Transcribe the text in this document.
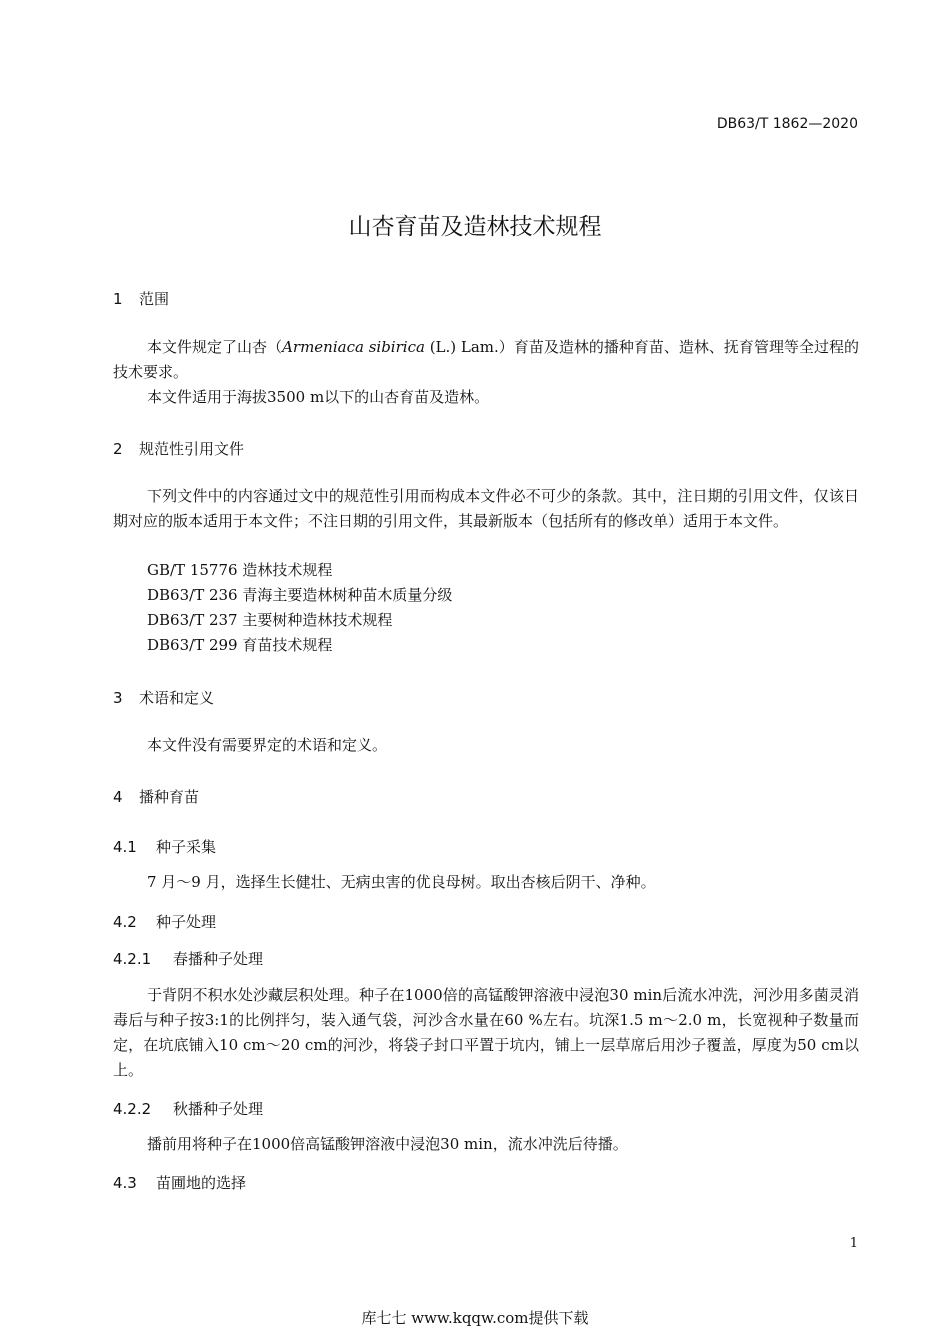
DB63/T 1862—2020
山杏育苗及造林技术规程
1 范围
本文件规定了山杏（Armeniaca sibirica (L.) Lam.）育苗及造林的播种育苗、造林、抚育管理等全过程的技术要求。
本文件适用于海拔3500 m以下的山杏育苗及造林。
2 规范性引用文件
下列文件中的内容通过文中的规范性引用而构成本文件必不可少的条款。其中，注日期的引用文件，仅该日期对应的版本适用于本文件；不注日期的引用文件，其最新版本（包括所有的修改单）适用于本文件。
GB/T 15776 造林技术规程
DB63/T 236 青海主要造林树种苗木质量分级
DB63/T 237 主要树种造林技术规程
DB63/T 299 育苗技术规程
3 术语和定义
本文件没有需要界定的术语和定义。
4 播种育苗
4.1 种子采集
7 月～9 月，选择生长健壮、无病虫害的优良母树。取出杏核后阴干、净种。
4.2 种子处理
4.2.1 春播种子处理
于背阴不积水处沙藏层积处理。种子在1000倍的高锰酸钾溶液中浸泡30 min后流水冲洗，河沙用多菌灵消毒后与种子按3:1的比例拌匀，装入通气袋，河沙含水量在60 %左右。坑深1.5 m～2.0 m，长宽视种子数量而定，在坑底铺入10 cm～20 cm的河沙，将袋子封口平置于坑内，铺上一层草席后用沙子覆盖，厚度为50 cm以上。
4.2.2 秋播种子处理
播前用将种子在1000倍高锰酸钾溶液中浸泡30 min，流水冲洗后待播。
4.3 苗圃地的选择
1
库七七 www.kqqw.com提供下载
